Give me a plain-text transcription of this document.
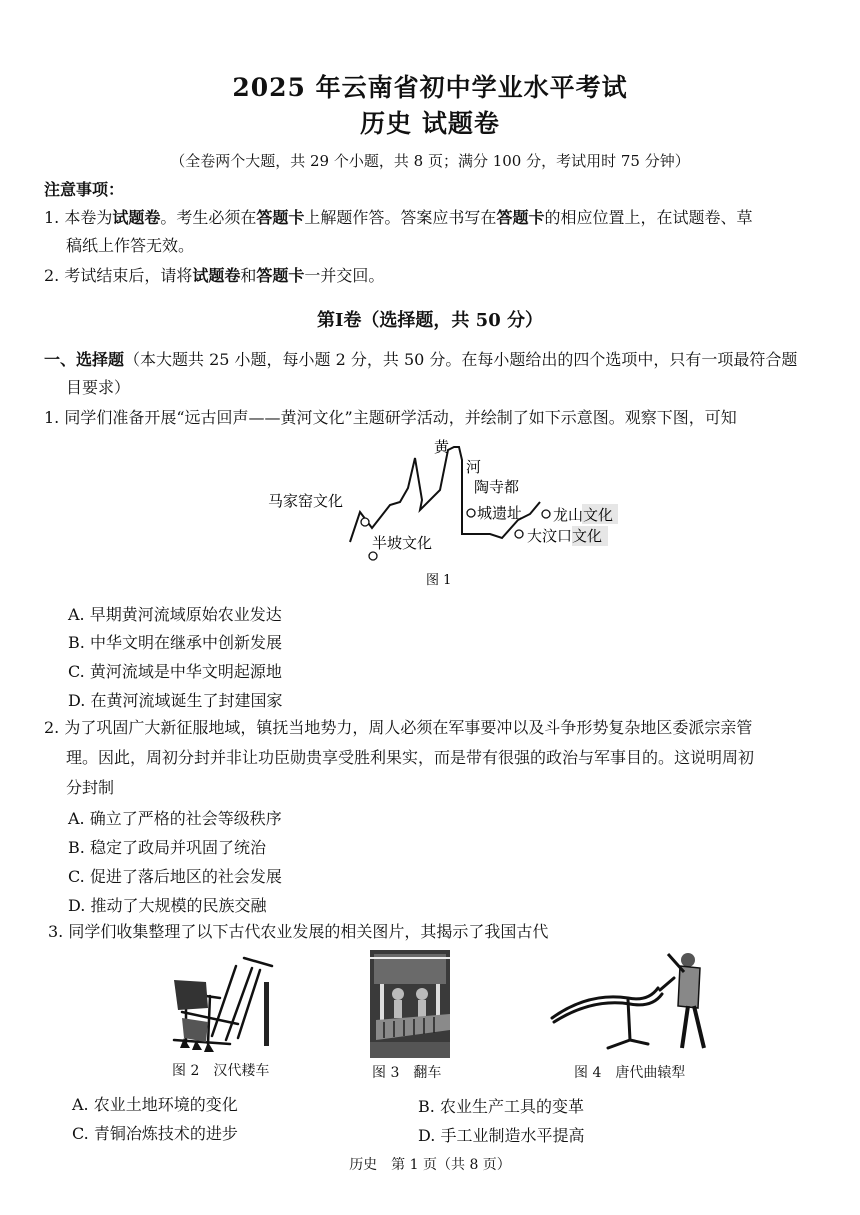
2025 年云南省初中学业水平考试
历史 试题卷
（全卷两个大题，共 29 个小题，共 8 页；满分 100 分，考试用时 75 分钟）
注意事项：
1. 本卷为试题卷。考生必须在答题卡上解题作答。答案应书写在答题卡的相应位置上，在试题卷、草
稿纸上作答无效。
2. 考试结束后，请将试题卷和答题卡一并交回。
第Ⅰ卷（选择题，共 50 分）
一、选择题（本大题共 25 小题，每小题 2 分，共 50 分。在每小题给出的四个选项中，只有一项最符合题
目要求）
1. 同学们准备开展“远古回声——黄河文化”主题研学活动，并绘制了如下示意图。观察下图，可知
黄
河
马家窑文化
半坡文化
陶寺都
城遗址 龙山文化
大汶口文化
图 1
A. 早期黄河流域原始农业发达
B. 中华文明在继承中创新发展
C. 黄河流域是中华文明起源地
D. 在黄河流域诞生了封建国家
2. 为了巩固广大新征服地域，镇抚当地势力，周人必须在军事要冲以及斗争形势复杂地区委派宗亲管
理。因此，周初分封并非让功臣勋贵享受胜利果实，而是带有很强的政治与军事目的。这说明周初
分封制
A. 确立了严格的社会等级秩序
B. 稳定了政局并巩固了统治
C. 促进了落后地区的社会发展
D. 推动了大规模的民族交融
3. 同学们收集整理了以下古代农业发展的相关图片，其揭示了我国古代
图 2　汉代耧车	图 3　翻车	图 4　唐代曲辕犁
A. 农业土地环境的变化	B. 农业生产工具的变革
C. 青铜冶炼技术的进步	D. 手工业制造水平提高
历史　第 1 页（共 8 页）
